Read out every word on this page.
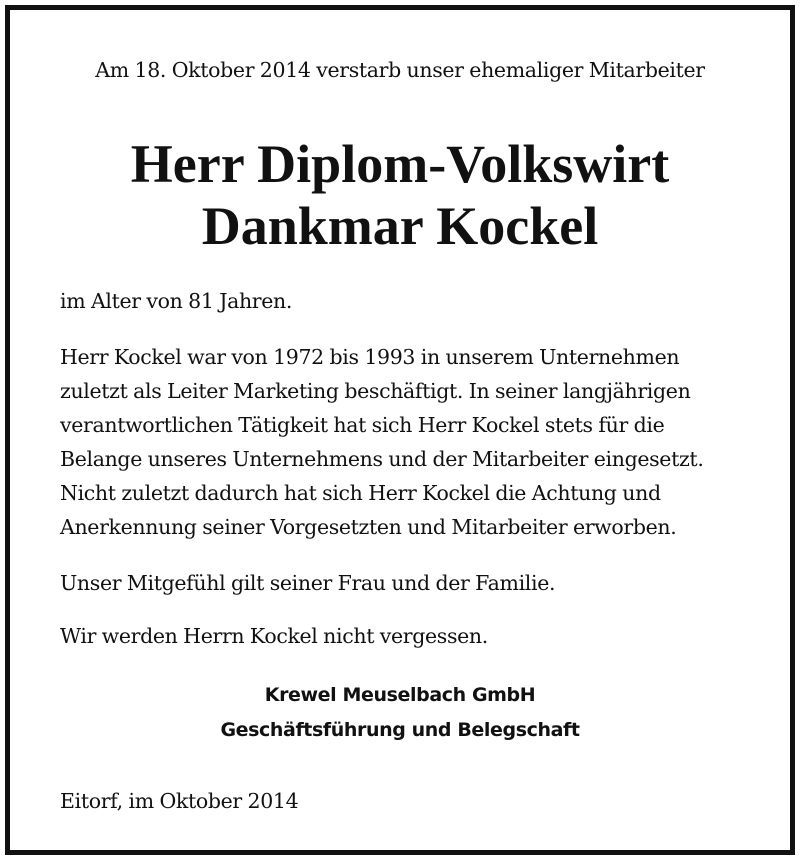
Am 18. Oktober 2014 verstarb unser ehemaliger Mitarbeiter
Herr Diplom-Volkswirt
Dankmar Kockel
im Alter von 81 Jahren.
Herr Kockel war von 1972 bis 1993 in unserem Unternehmen
zuletzt als Leiter Marketing beschäftigt. In seiner langjährigen
verantwortlichen Tätigkeit hat sich Herr Kockel stets für die
Belange unseres Unternehmens und der Mitarbeiter eingesetzt.
Nicht zuletzt dadurch hat sich Herr Kockel die Achtung und
Anerkennung seiner Vorgesetzten und Mitarbeiter erworben.
Unser Mitgefühl gilt seiner Frau und der Familie.
Wir werden Herrn Kockel nicht vergessen.
Krewel Meuselbach GmbH
Geschäftsführung und Belegschaft
Eitorf, im Oktober 2014
